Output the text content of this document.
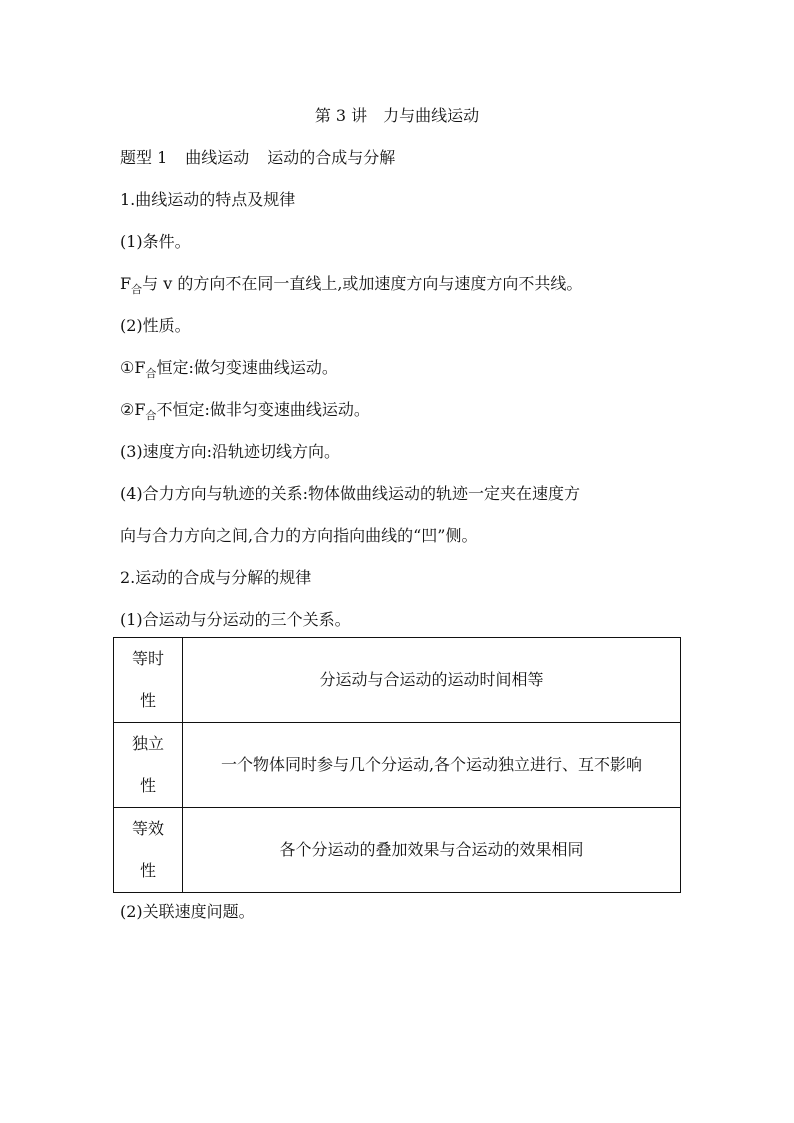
第 3 讲　力与曲线运动
题型 1 曲线运动 运动的合成与分解
1.曲线运动的特点及规律
(1)条件。
$F_合$与 v 的方向不在同一直线上,或加速度方向与速度方向不共线。
(2)性质。
$①F_合$恒定:做匀变速曲线运动。
$②F_合$不恒定:做非匀变速曲线运动。
(3)速度方向:沿轨迹切线方向。
(4)合力方向与轨迹的关系:物体做曲线运动的轨迹一定夹在速度方
向与合力方向之间,合力的方向指向曲线的“凹”侧。
2.运动的合成与分解的规律
(1)合运动与分运动的三个关系。
等时性	分运动与合运动的运动时间相等

独立性	一个物体同时参与几个分运动,各个运动独立进行、互不影响

等效性	各个分运动的叠加效果与合运动的效果相同
(2)关联速度问题。
